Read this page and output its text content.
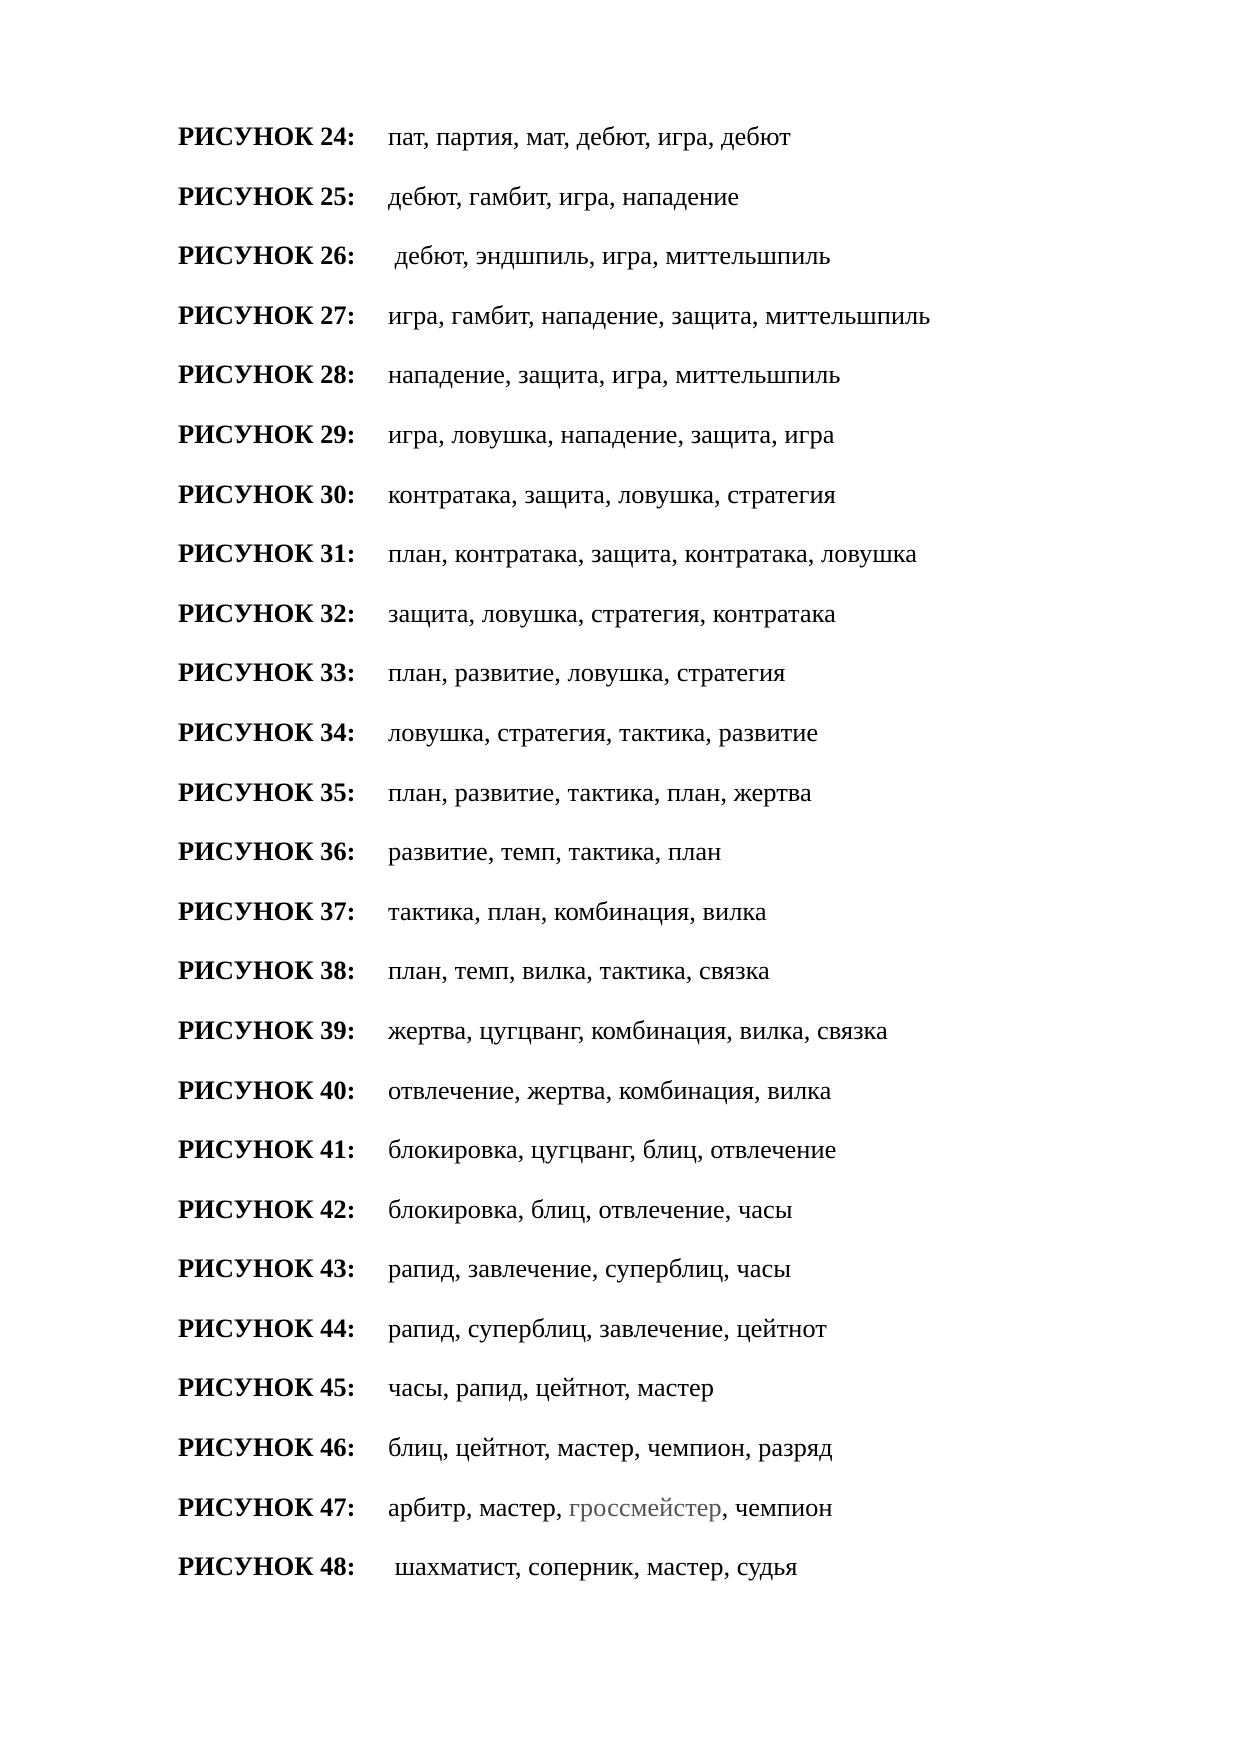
РИСУНОК 24:	пат, партия, мат, дебют, игра, дебют
РИСУНОК 25:	дебют, гамбит, игра, нападение
РИСУНОК 26:	дебют, эндшпиль, игра, миттельшпиль
РИСУНОК 27:	игра, гамбит, нападение, защита, миттельшпиль
РИСУНОК 28:	нападение, защита, игра, миттельшпиль
РИСУНОК 29:	игра, ловушка, нападение, защита, игра
РИСУНОК 30:	контратака, защита, ловушка, стратегия
РИСУНОК 31:	план, контратака, защита, контратака, ловушка
РИСУНОК 32:	защита, ловушка, стратегия, контратака
РИСУНОК 33:	план, развитие, ловушка, стратегия
РИСУНОК 34:	ловушка, стратегия, тактика, развитие
РИСУНОК 35:	план, развитие, тактика, план, жертва
РИСУНОК 36:	развитие, темп, тактика, план
РИСУНОК 37:	тактика, план, комбинация, вилка
РИСУНОК 38:	план, темп, вилка, тактика, связка
РИСУНОК 39:	жертва, цугцванг, комбинация, вилка, связка
РИСУНОК 40:	отвлечение, жертва, комбинация, вилка
РИСУНОК 41:	блокировка, цугцванг, блиц, отвлечение
РИСУНОК 42:	блокировка, блиц, отвлечение, часы
РИСУНОК 43:	рапид, завлечение, суперблиц, часы
РИСУНОК 44:	рапид, суперблиц, завлечение, цейтнот
РИСУНОК 45:	часы, рапид, цейтнот, мастер
РИСУНОК 46:	блиц, цейтнот, мастер, чемпион, разряд
РИСУНОК 47:	арбитр, мастер, гроссмейстер, чемпион
РИСУНОК 48:	шахматист, соперник, мастер, судья
